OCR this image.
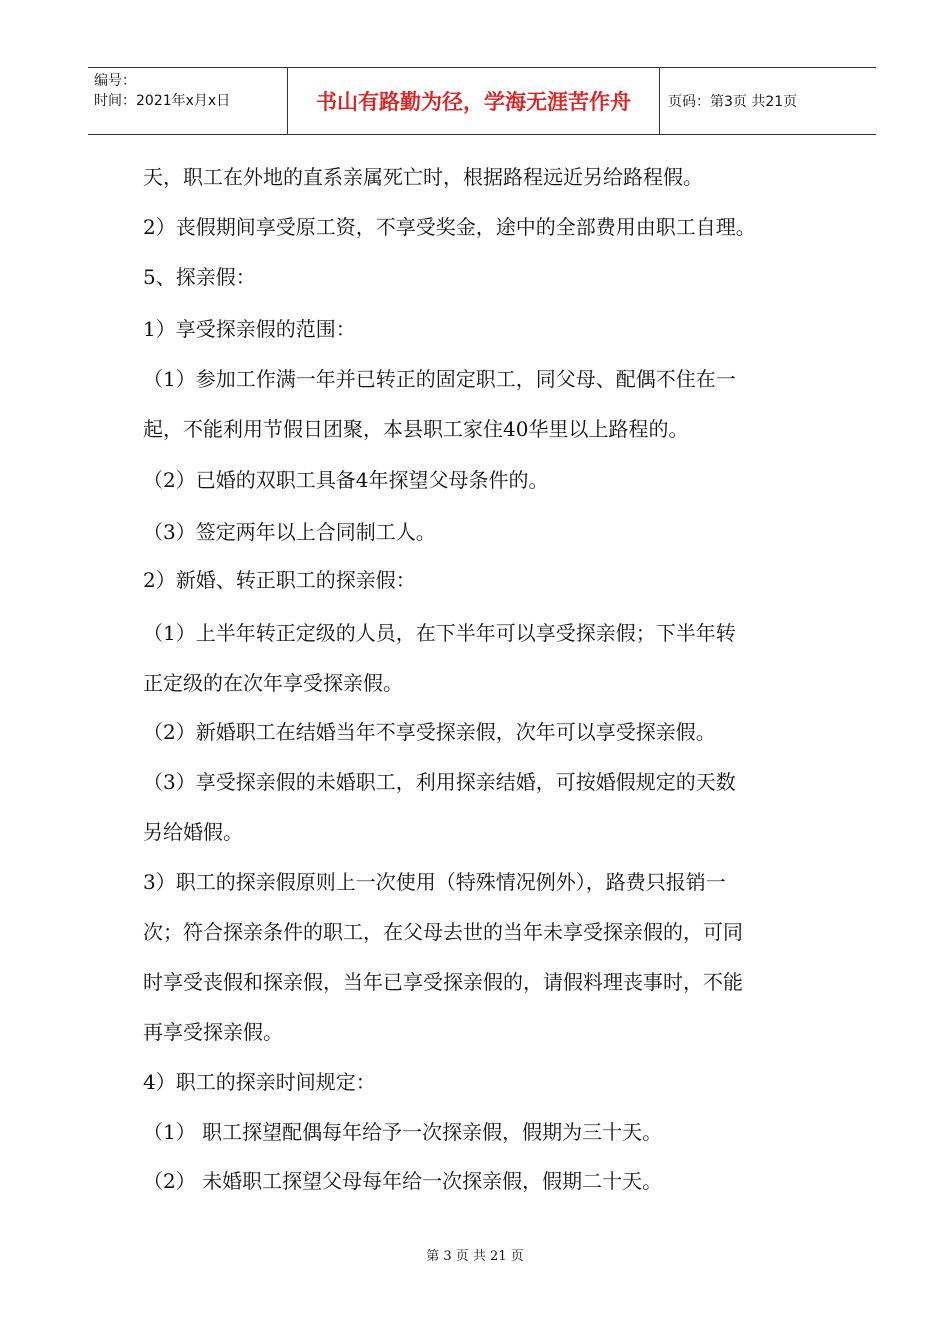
编号：
时间：2021年x月x日	书山有路勤为径，学海无涯苦作舟	页码：第3页 共21页
天，职工在外地的直系亲属死亡时，根据路程远近另给路程假。
2）丧假期间享受原工资，不享受奖金，途中的全部费用由职工自理。
5、探亲假：
1）享受探亲假的范围：
（1）参加工作满一年并已转正的固定职工，同父母、配偶不住在一
起，不能利用节假日团聚，本县职工家住40华里以上路程的。
（2）已婚的双职工具备4年探望父母条件的。
（3）签定两年以上合同制工人。
2）新婚、转正职工的探亲假：
（1）上半年转正定级的人员，在下半年可以享受探亲假；下半年转
正定级的在次年享受探亲假。
（2）新婚职工在结婚当年不享受探亲假，次年可以享受探亲假。
（3）享受探亲假的未婚职工，利用探亲结婚，可按婚假规定的天数
另给婚假。
3）职工的探亲假原则上一次使用（特殊情况例外），路费只报销一
次；符合探亲条件的职工，在父母去世的当年未享受探亲假的，可同
时享受丧假和探亲假，当年已享受探亲假的，请假料理丧事时，不能
再享受探亲假。
4）职工的探亲时间规定：
（1） 职工探望配偶每年给予一次探亲假，假期为三十天。
（2） 未婚职工探望父母每年给一次探亲假，假期二十天。
第 3 页 共 21 页
